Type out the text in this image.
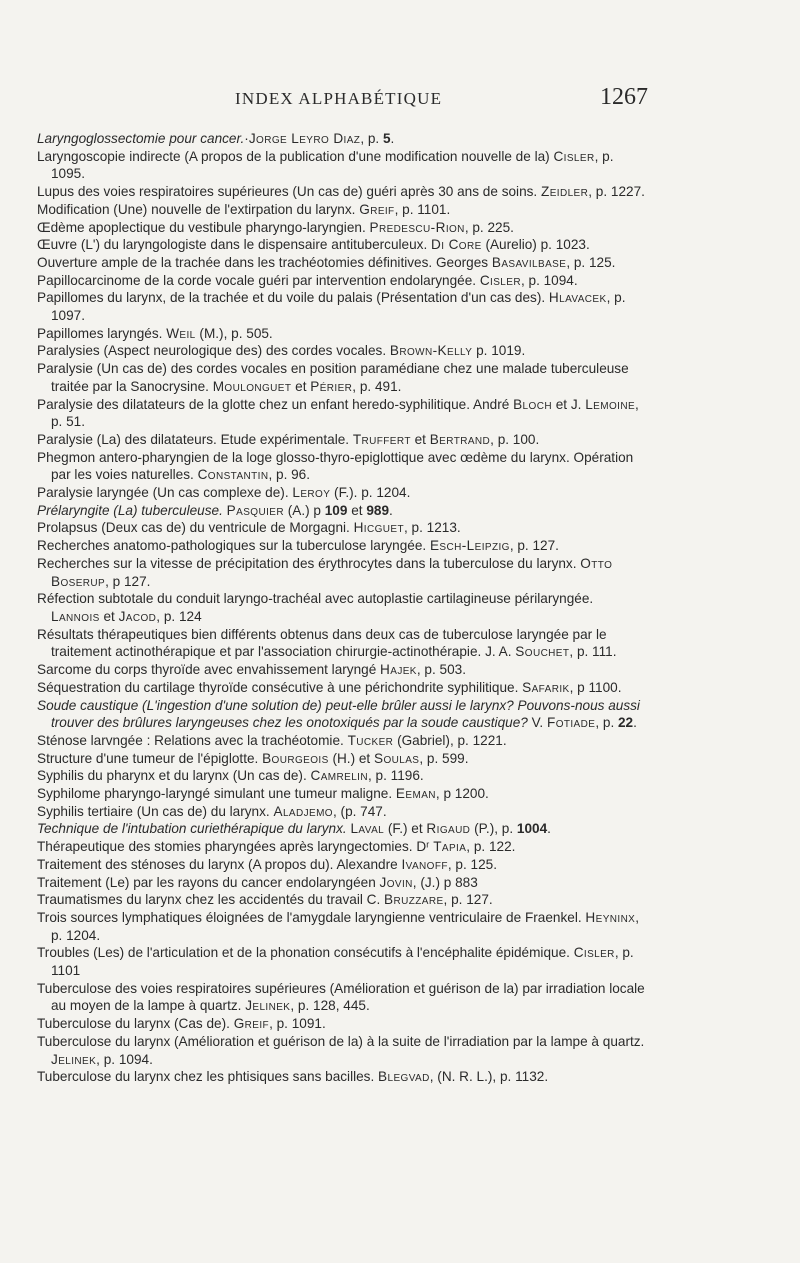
INDEX ALPHABÉTIQUE	1267

Laryngoglossectomie pour cancer.·Jorge Leyro Diaz, p. 5.

Laryngoscopie indirecte (A propos de la publication d'une modification nouvelle de la) Cisler, p. 1095.

Lupus des voies respiratoires supérieures (Un cas de) guéri après 30 ans de soins. Zeidler, p. 1227.

Modification (Une) nouvelle de l'extirpation du larynx. Greif, p. 1101.

Œdème apoplectique du vestibule pharyngo-laryngien. Predescu-Rion, p. 225.

Œuvre (L') du laryngologiste dans le dispensaire antituberculeux. Di Core (Aurelio) p. 1023.

Ouverture ample de la trachée dans les trachéotomies définitives. Georges Basavilbase, p. 125.

Papillocarcinome de la corde vocale guéri par intervention endolaryngée. Cisler, p. 1094.

Papillomes du larynx, de la trachée et du voile du palais (Présentation d'un cas des). Hlavacek, p. 1097.

Papillomes laryngés. Weil (M.), p. 505.

Paralysies (Aspect neurologique des) des cordes vocales. Brown-Kelly p. 1019.

Paralysie (Un cas de) des cordes vocales en position paramédiane chez une malade tuberculeuse traitée par la Sanocrysine. Moulonguet et Périer, p. 491.

Paralysie des dilatateurs de la glotte chez un enfant heredo-syphilitique. André Bloch et J. Lemoine, p. 51.

Paralysie (La) des dilatateurs. Etude expérimentale. Truffert et Bertrand, p. 100.

Phegmon antero-pharyngien de la loge glosso-thyro-epiglottique avec œdème du larynx. Opération par les voies naturelles. Constantin, p. 96.

Paralysie laryngée (Un cas complexe de). Leroy (F.). p. 1204.

Prélaryngite (La) tuberculeuse. Pasquier (A.) p 109 et 989.

Prolapsus (Deux cas de) du ventricule de Morgagni. Hicguet, p. 1213.

Recherches anatomo-pathologiques sur la tuberculose laryngée. Esch-Leipzig, p. 127.

Recherches sur la vitesse de précipitation des érythrocytes dans la tuberculose du larynx. Otto Boserup, p 127.

Réfection subtotale du conduit laryngo-trachéal avec autoplastie cartilagineuse périlaryngée. Lannois et Jacod, p. 124

Résultats thérapeutiques bien différents obtenus dans deux cas de tuberculose laryngée par le traitement actinothérapique et par l'association chirurgie-actinothérapie. J. A. Souchet, p. 111.

Sarcome du corps thyroïde avec envahissement laryngé Hajek, p. 503.

Séquestration du cartilage thyroïde consécutive à une périchondrite syphilitique. Safarik, p 1100.

Soude caustique (L'ingestion d'une solution de) peut-elle brûler aussi le larynx? Pouvons-nous aussi trouver des brûlures laryngeuses chez les onotoxiqués par la soude caustique? V. Fotiade, p. 22.

Sténose larvngée : Relations avec la trachéotomie. Tucker (Gabriel), p. 1221.

Structure d'une tumeur de l'épiglotte. Bourgeois (H.) et Soulas, p. 599.

Syphilis du pharynx et du larynx (Un cas de). Camrelin, p. 1196.

Syphilome pharyngo-laryngé simulant une tumeur maligne. Eeman, p 1200.

Syphilis tertiaire (Un cas de) du larynx. Aladjemo, (p. 747.

Technique de l'intubation curiethérapique du larynx. Laval (F.) et Rigaud (P.), p. 1004.

Thérapeutique des stomies pharyngées après laryngectomies. Dʳ Tapia, p. 122.

Traitement des sténoses du larynx (A propos du). Alexandre Ivanoff, p. 125.

Traitement (Le) par les rayons du cancer endolaryngéen Jovin, (J.) p 883

Traumatismes du larynx chez les accidentés du travail C. Bruzzare, p. 127.

Trois sources lymphatiques éloignées de l'amygdale laryngienne ventriculaire de Fraenkel. Heyninx, p. 1204.

Troubles (Les) de l'articulation et de la phonation consécutifs à l'encéphalite épidémique. Cisler, p. 1101

Tuberculose des voies respiratoires supérieures (Amélioration et guérison de la) par irradiation locale au moyen de la lampe à quartz. Jelinek, p. 128, 445.

Tuberculose du larynx (Cas de). Greif, p. 1091.

Tuberculose du larynx (Amélioration et guérison de la) à la suite de l'irradiation par la lampe à quartz. Jelinek, p. 1094.

Tuberculose du larynx chez les phtisiques sans bacilles. Blegvad, (N. R. L.), p. 1132.
